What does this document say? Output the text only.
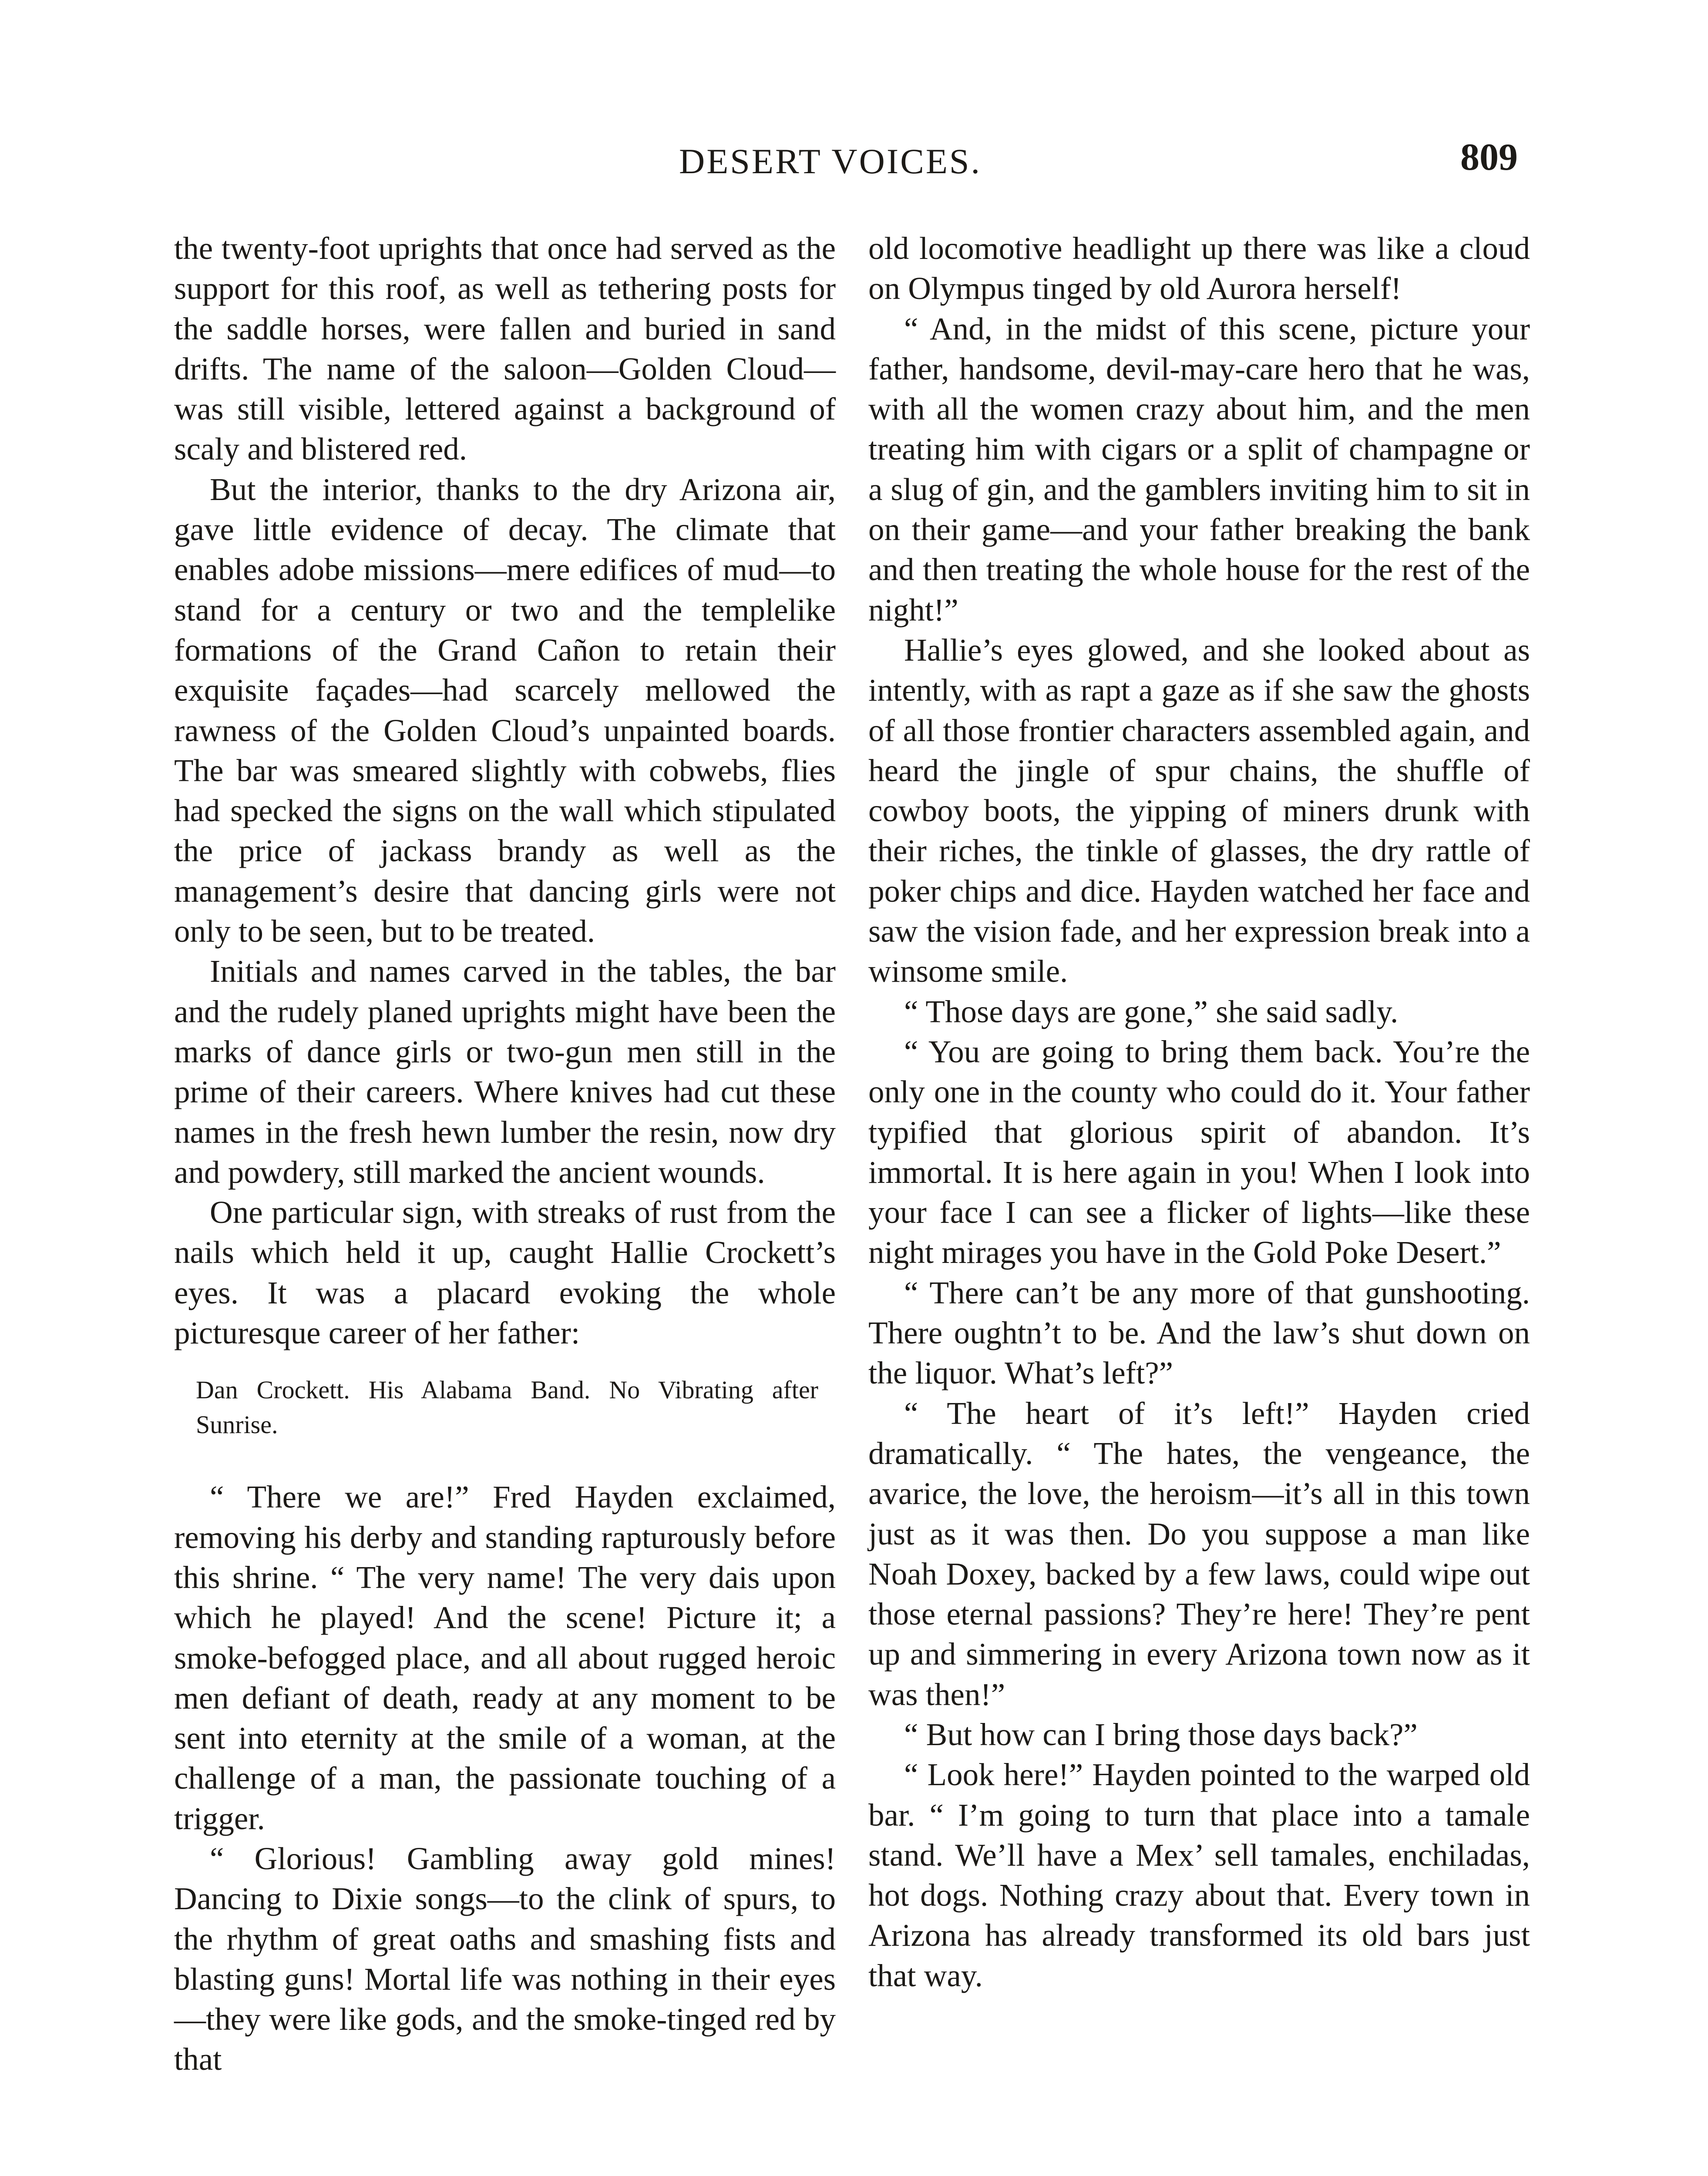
DESERT VOICES.	809

the twenty-foot uprights that once had served as the support for this roof, as well as tethering posts for the saddle horses, were fallen and buried in sand drifts. The name of the saloon—Golden Cloud—was still visible, lettered against a background of scaly and blistered red.

But the interior, thanks to the dry Arizona air, gave little evidence of decay. The climate that enables adobe missions—mere edifices of mud—to stand for a century or two and the templelike formations of the Grand Cañon to retain their exquisite façades—had scarcely mellowed the rawness of the Golden Cloud’s unpainted boards. The bar was smeared slightly with cobwebs, flies had specked the signs on the wall which stipulated the price of jackass brandy as well as the management’s desire that dancing girls were not only to be seen, but to be treated.

Initials and names carved in the tables, the bar and the rudely planed uprights might have been the marks of dance girls or two-gun men still in the prime of their careers. Where knives had cut these names in the fresh hewn lumber the resin, now dry and powdery, still marked the ancient wounds.

One particular sign, with streaks of rust from the nails which held it up, caught Hallie Crockett’s eyes. It was a placard evoking the whole picturesque career of her father:

Dan Crockett. His Alabama Band. No Vibrating after Sunrise.

“ There we are!” Fred Hayden exclaimed, removing his derby and standing rapturously before this shrine. “ The very name! The very dais upon which he played! And the scene! Picture it; a smoke-befogged place, and all about rugged heroic men defiant of death, ready at any moment to be sent into eternity at the smile of a woman, at the challenge of a man, the passionate touching of a trigger.

“ Glorious! Gambling away gold mines! Dancing to Dixie songs—to the clink of spurs, to the rhythm of great oaths and smashing fists and blasting guns! Mortal life was nothing in their eyes—they were like gods, and the smoke-tinged red by that

old locomotive headlight up there was like a cloud on Olympus tinged by old Aurora herself!

“ And, in the midst of this scene, picture your father, handsome, devil-may-care hero that he was, with all the women crazy about him, and the men treating him with cigars or a split of champagne or a slug of gin, and the gamblers inviting him to sit in on their game—and your father breaking the bank and then treating the whole house for the rest of the night!”

Hallie’s eyes glowed, and she looked about as intently, with as rapt a gaze as if she saw the ghosts of all those frontier characters assembled again, and heard the jingle of spur chains, the shuffle of cowboy boots, the yipping of miners drunk with their riches, the tinkle of glasses, the dry rattle of poker chips and dice. Hayden watched her face and saw the vision fade, and her expression break into a winsome smile.

“ Those days are gone,” she said sadly.

“ You are going to bring them back. You’re the only one in the county who could do it. Your father typified that glorious spirit of abandon. It’s immortal. It is here again in you! When I look into your face I can see a flicker of lights—like these night mirages you have in the Gold Poke Desert.”

“ There can’t be any more of that gunshooting. There oughtn’t to be. And the law’s shut down on the liquor. What’s left?”

“ The heart of it’s left!” Hayden cried dramatically. “ The hates, the vengeance, the avarice, the love, the heroism—it’s all in this town just as it was then. Do you suppose a man like Noah Doxey, backed by a few laws, could wipe out those eternal passions? They’re here! They’re pent up and simmering in every Arizona town now as it was then!”

“ But how can I bring those days back?”

“ Look here!” Hayden pointed to the warped old bar. “ I’m going to turn that place into a tamale stand. We’ll have a Mex’ sell tamales, enchiladas, hot dogs. Nothing crazy about that. Every town in Arizona has already transformed its old bars just that way.
